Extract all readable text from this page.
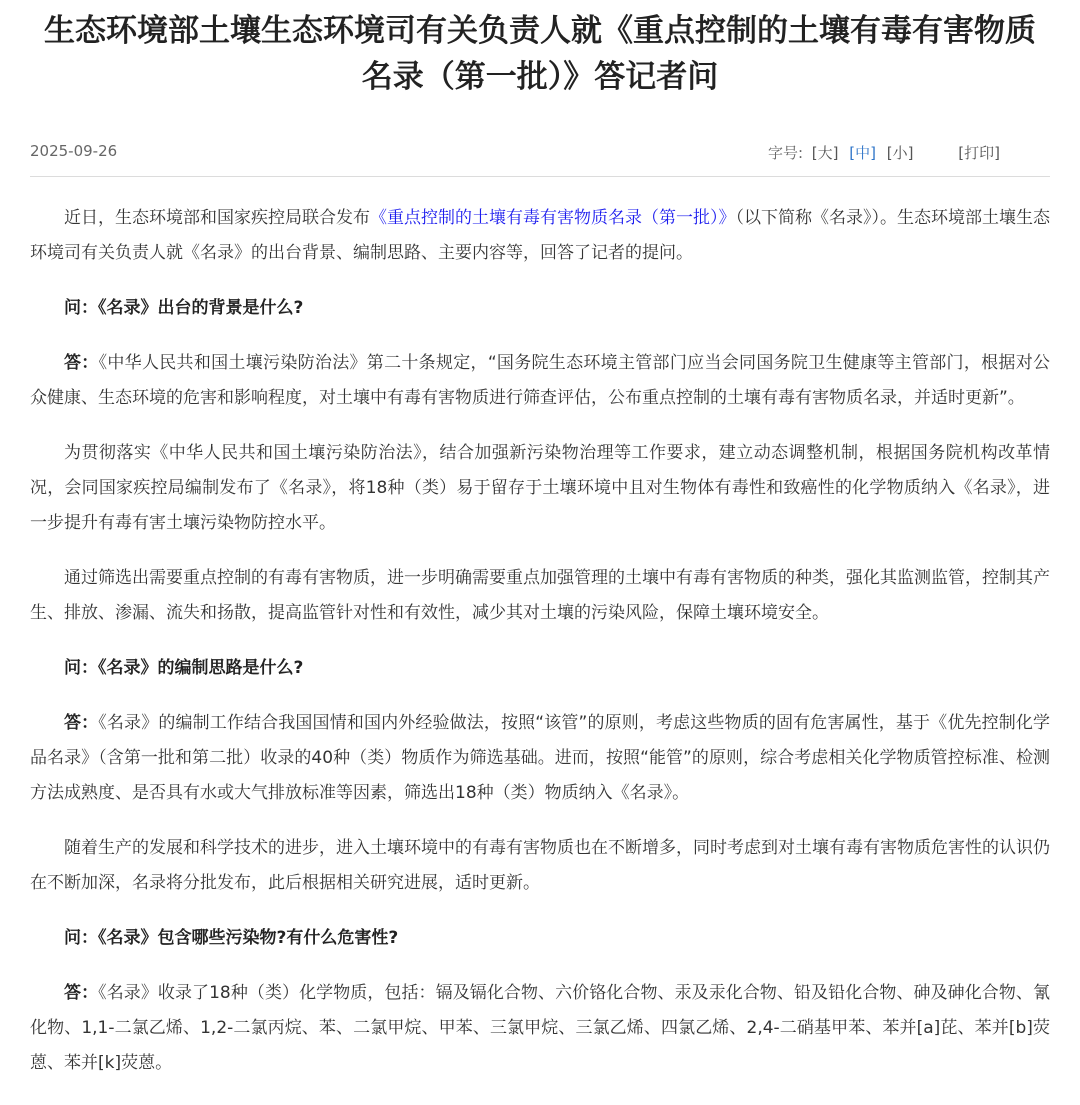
生态环境部土壤生态环境司有关负责人就《重点控制的土壤有毒有害物质名录（第一批）》答记者问
2025-09-26	字号: [大] [中] [小]	[打印]

近日，生态环境部和国家疾控局联合发布《重点控制的土壤有毒有害物质名录（第一批）》（以下简称《名录》）。生态环境部土壤生态环境司有关负责人就《名录》的出台背景、编制思路、主要内容等，回答了记者的提问。

问：《名录》出台的背景是什么?

答：《中华人民共和国土壤污染防治法》第二十条规定，“国务院生态环境主管部门应当会同国务院卫生健康等主管部门，根据对公众健康、生态环境的危害和影响程度，对土壤中有毒有害物质进行筛查评估，公布重点控制的土壤有毒有害物质名录，并适时更新”。

为贯彻落实《中华人民共和国土壤污染防治法》，结合加强新污染物治理等工作要求，建立动态调整机制，根据国务院机构改革情况，会同国家疾控局编制发布了《名录》，将18种（类）易于留存于土壤环境中且对生物体有毒性和致癌性的化学物质纳入《名录》，进一步提升有毒有害土壤污染物防控水平。

通过筛选出需要重点控制的有毒有害物质，进一步明确需要重点加强管理的土壤中有毒有害物质的种类，强化其监测监管，控制其产生、排放、渗漏、流失和扬散，提高监管针对性和有效性，减少其对土壤的污染风险，保障土壤环境安全。

问：《名录》的编制思路是什么?

答：《名录》的编制工作结合我国国情和国内外经验做法，按照“该管”的原则，考虑这些物质的固有危害属性，基于《优先控制化学品名录》（含第一批和第二批）收录的40种（类）物质作为筛选基础。进而，按照“能管”的原则，综合考虑相关化学物质管控标准、检测方法成熟度、是否具有水或大气排放标准等因素，筛选出18种（类）物质纳入《名录》。

随着生产的发展和科学技术的进步，进入土壤环境中的有毒有害物质也在不断增多，同时考虑到对土壤有毒有害物质危害性的认识仍在不断加深，名录将分批发布，此后根据相关研究进展，适时更新。

问：《名录》包含哪些污染物?有什么危害性?

答：《名录》收录了18种（类）化学物质，包括：镉及镉化合物、六价铬化合物、汞及汞化合物、铅及铅化合物、砷及砷化合物、氰化物、1,1-二氯乙烯、1,2-二氯丙烷、苯、二氯甲烷、甲苯、三氯甲烷、三氯乙烯、四氯乙烯、2,4-二硝基甲苯、苯并[a]芘、苯并[b]荧蒽、苯并[k]荧蒽。
